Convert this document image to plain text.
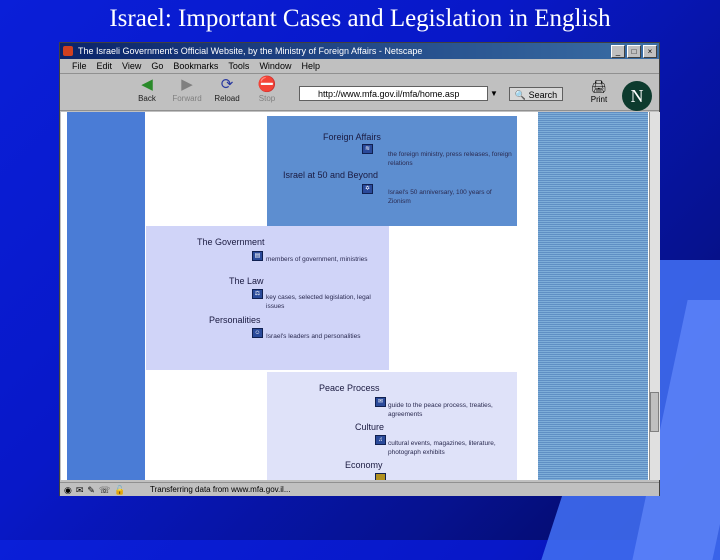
Israel: Important Cases and Legislation in English
The Israeli Government's Official Website, by the Ministry of Foreign Affairs - Netscape	_	□	×
File Edit View Go Bookmarks Tools Window Help
◀
Back
▶
Forward
⟳
Reload
⛔
Stop	http://www.mfa.gov.il/mfa/home.asp	▼	🔍 Search
🖨
Print	N
Foreign Affairs
≋
the foreign ministry, press releases, foreign relations
Israel at 50 and Beyond
✡	Israel's 50 anniversary, 100 years of Zionism
The Government
▤ members of government, ministries
The Law
⚖ key cases, selected legislation, legal issues
Personalities
☺ Israel's leaders and personalities
Peace Process
✉ guide to the peace process, treaties, agreements
Culture
♫ cultural events, magazines, literature, photograph exhibits
Economy
◉ ✉ ✎ ☏ 🔓	Transferring data from www.mfa.gov.il...
